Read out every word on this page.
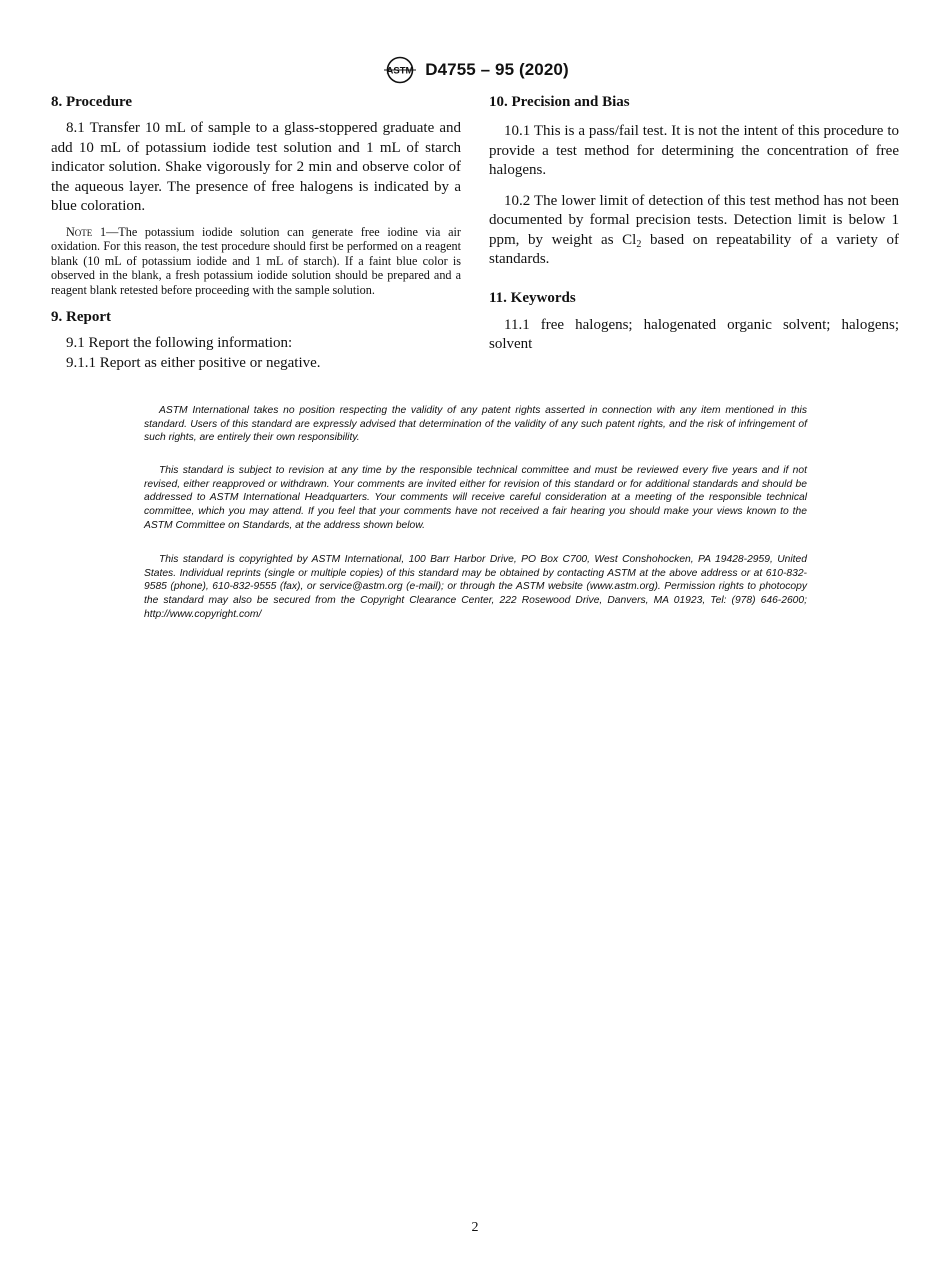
ASTM D4755 – 95 (2020)
8. Procedure

8.1 Transfer 10 mL of sample to a glass-stoppered graduate and add 10 mL of potassium iodide test solution and 1 mL of starch indicator solution. Shake vigorously for 2 min and observe color of the aqueous layer. The presence of free halogens is indicated by a blue coloration.

Note 1—The potassium iodide solution can generate free iodine via air oxidation. For this reason, the test procedure should first be performed on a reagent blank (10 mL of potassium iodide and 1 mL of starch). If a faint blue color is observed in the blank, a fresh potassium iodide solution should be prepared and a reagent blank retested before proceeding with the sample solution.

9. Report

9.1 Report the following information:

9.1.1 Report as either positive or negative.

10. Precision and Bias

10.1 This is a pass/fail test. It is not the intent of this procedure to provide a test method for determining the concentration of free halogens.

10.2 The lower limit of detection of this test method has not been documented by formal precision tests. Detection limit is below 1 ppm, by weight as $Cl_2$ based on repeatability of a variety of standards.

11. Keywords

11.1 free halogens; halogenated organic solvent; halogens; solvent

ASTM International takes no position respecting the validity of any patent rights asserted in connection with any item mentioned in this standard. Users of this standard are expressly advised that determination of the validity of any such patent rights, and the risk of infringement of such rights, are entirely their own responsibility.

This standard is subject to revision at any time by the responsible technical committee and must be reviewed every five years and if not revised, either reapproved or withdrawn. Your comments are invited either for revision of this standard or for additional standards and should be addressed to ASTM International Headquarters. Your comments will receive careful consideration at a meeting of the responsible technical committee, which you may attend. If you feel that your comments have not received a fair hearing you should make your views known to the ASTM Committee on Standards, at the address shown below.

This standard is copyrighted by ASTM International, 100 Barr Harbor Drive, PO Box C700, West Conshohocken, PA 19428-2959, United States. Individual reprints (single or multiple copies) of this standard may be obtained by contacting ASTM at the above address or at 610-832-9585 (phone), 610-832-9555 (fax), or service@astm.org (e-mail); or through the ASTM website (www.astm.org). Permission rights to photocopy the standard may also be secured from the Copyright Clearance Center, 222 Rosewood Drive, Danvers, MA 01923, Tel: (978) 646-2600; http://www.copyright.com/

2
